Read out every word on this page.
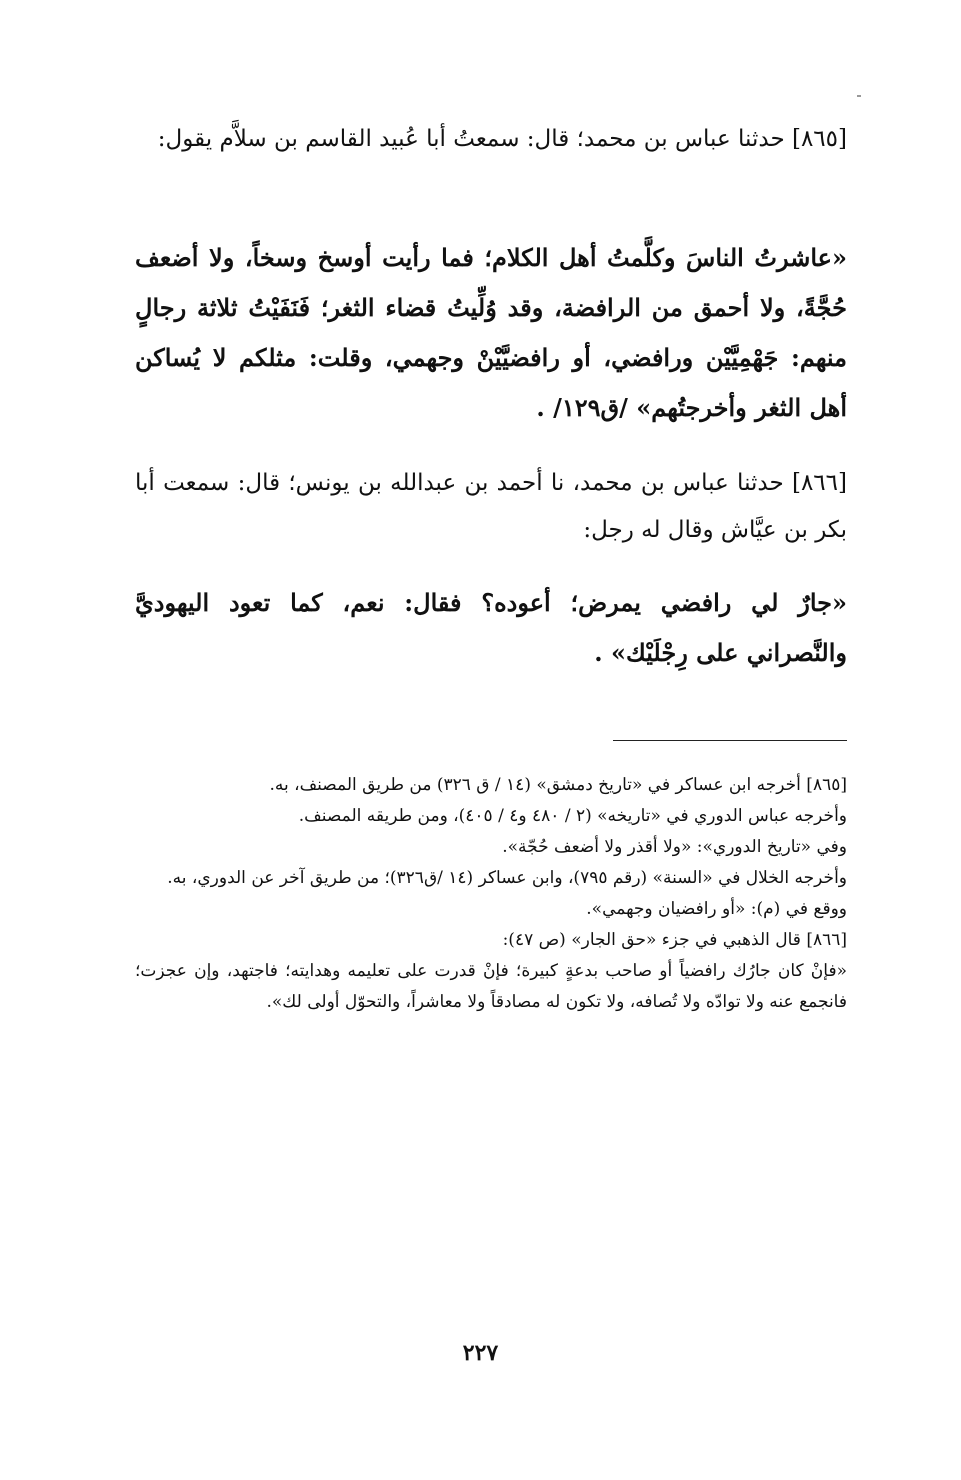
[٨٦٥] حدثنا عباس بن محمد؛ قال: سمعتُ أبا عُبيد القاسم بن سلاَّم يقول:

«عاشرتُ الناسَ وكلَّمتُ أهل الكلام؛ فما رأيت أوسخ وسخاً، ولا أضعف حُجَّةً، ولا أحمق من الرافضة، وقد وُلِّيتُ قضاء الثغر؛ فَنَفَيْتُ ثلاثة رجالٍ منهم: جَهْمِيَّيْن ورافضي، أو رافضيَّيْنْ وجهمي، وقلت: مثلكم لا يُساكن أهل الثغر وأخرجتُهم» /ق١٢٩/ .

[٨٦٦] حدثنا عباس بن محمد، نا أحمد بن عبدالله بن يونس؛ قال: سمعت أبا بكر بن عيَّاش وقال له رجل:

«جارٌ لي رافضي يمرض؛ أعوده؟ فقال: نعم، كما تعود اليهوديَّ والنَّصراني على رِجْلَيْك» .

[٨٦٥] أخرجه ابن عساكر في «تاريخ دمشق» (١٤ / ق ٣٢٦) من طريق المصنف، به.

وأخرجه عباس الدوري في «تاريخه» (٢ / ٤٨٠ و٤ / ٤٠٥)، ومن طريقه المصنف.

وفي «تاريخ الدوري»: «ولا أقذر ولا أضعف حُجّة».

وأخرجه الخلال في «السنة» (رقم ٧٩٥)، وابن عساكر (١٤ /ق٣٢٦)؛ من طريق آخر عن الدوري، به.

ووقع في (م): «أو رافضيان وجهمي».

[٨٦٦] قال الذهبي في جزء «حق الجار» (ص ٤٧):

«فإنْ كان جارُك رافضياً أو صاحب بدعةٍ كبيرة؛ فإنْ قدرت على تعليمه وهدايته؛ فاجتهد، وإن عجزت؛ فانجمع عنه ولا توادّه ولا تُصافه، ولا تكون له مصادقاً ولا معاشراً، والتحوّل أولى لك».

٢٢٧
